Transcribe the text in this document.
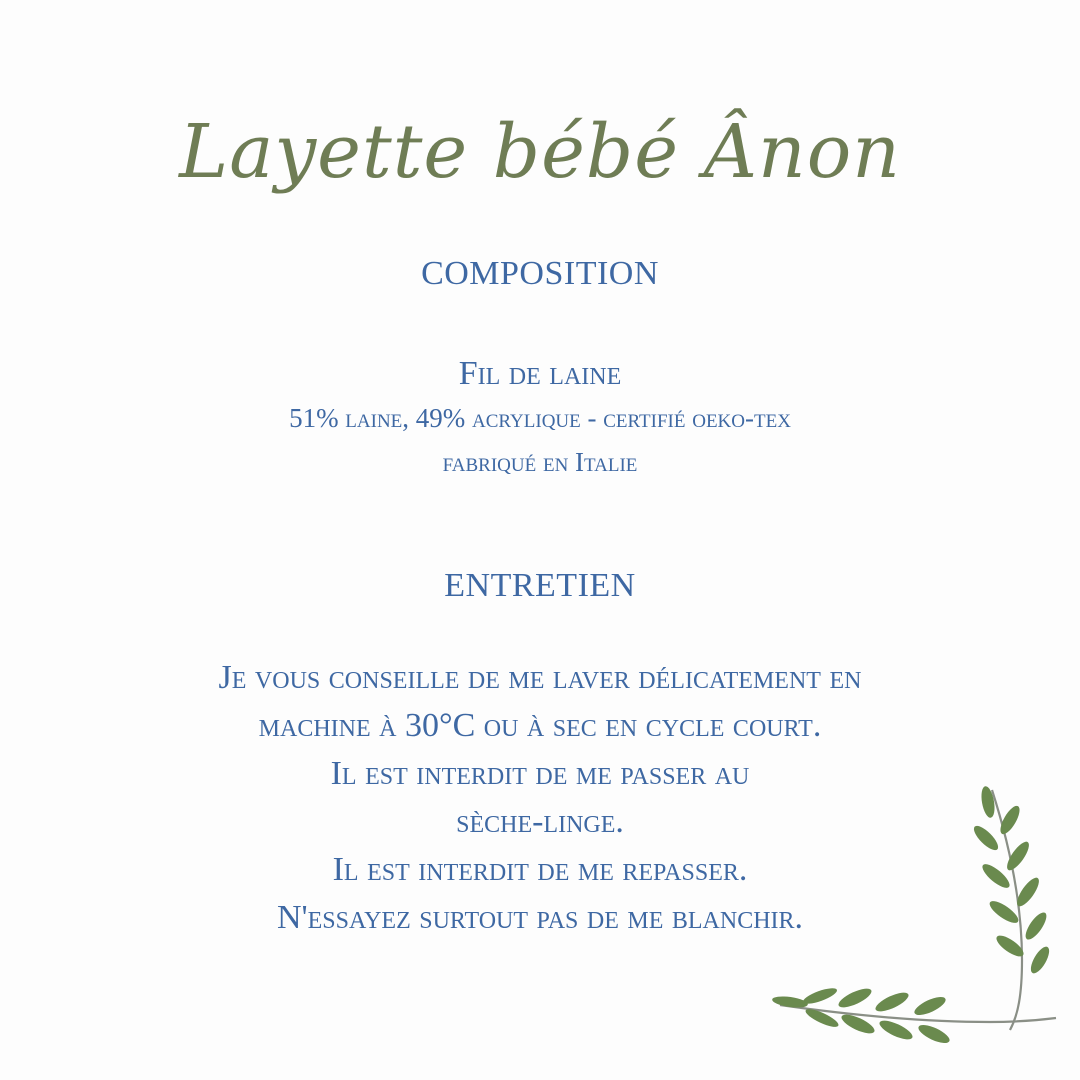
Layette bébé Ânon
COMPOSITION
Fil de laine
51% laine, 49% acrylique - certifié oeko-tex
fabriqué en Italie
ENTRETIEN
Je vous conseille de me laver délicatement en
machine à 30°C ou à sec en cycle court.
Il est interdit de me passer au
sèche-linge.
Il est interdit de me repasser.
N'essayez surtout pas de me blanchir.
